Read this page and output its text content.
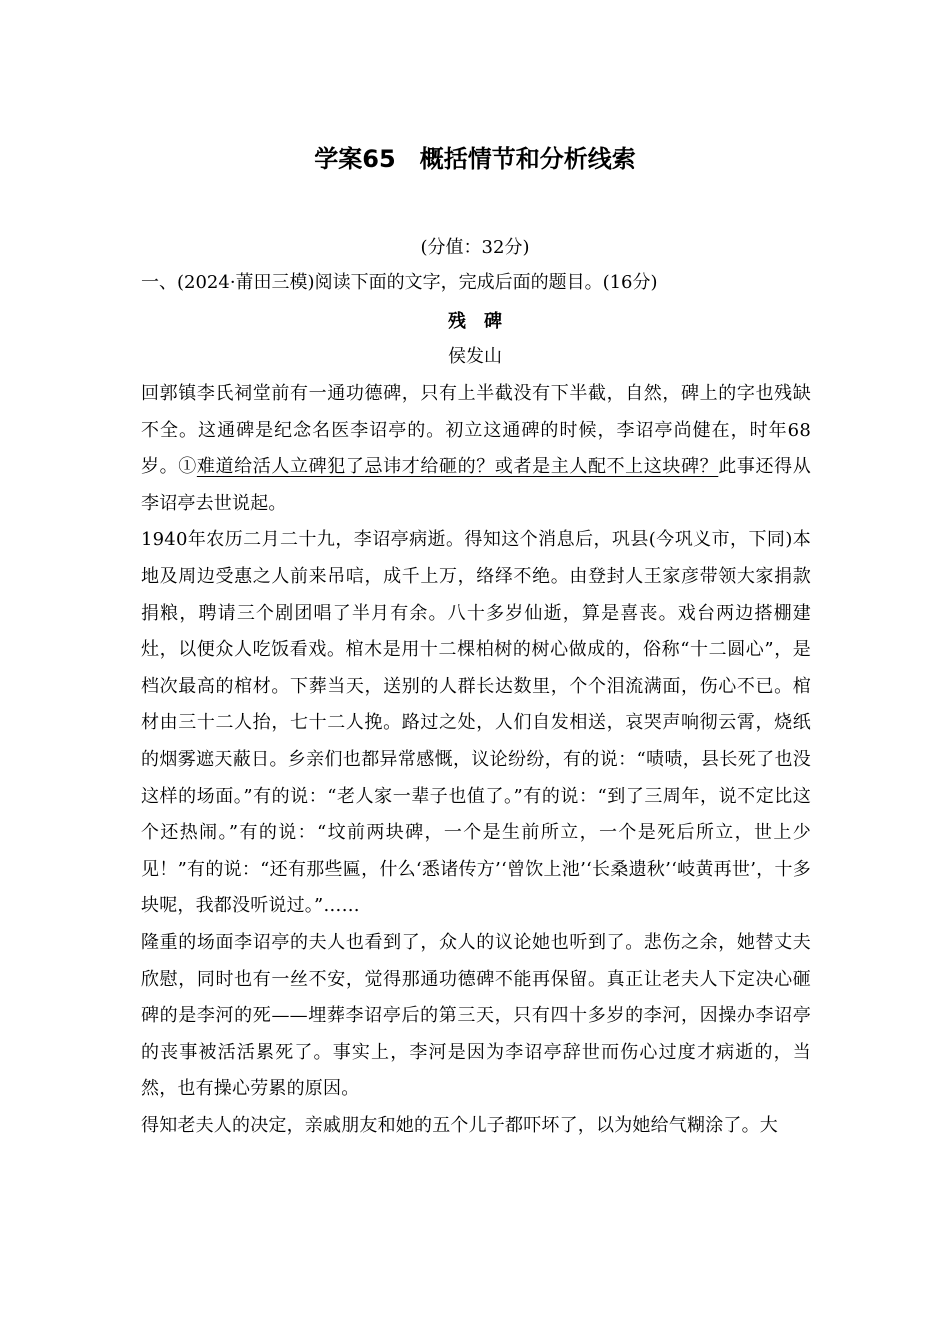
学案65　概括情节和分析线索
(分值：32分)
一、(2024·莆田三模)阅读下面的文字，完成后面的题目。(16分)
残　碑
侯发山

回郭镇李氏祠堂前有一通功德碑，只有上半截没有下半截，自然，碑上的字也残缺不全。这通碑是纪念名医李诏亭的。初立这通碑的时候，李诏亭尚健在，时年68岁。①难道给活人立碑犯了忌讳才给砸的？或者是主人配不上这块碑？此事还得从李诏亭去世说起。

1940年农历二月二十九，李诏亭病逝。得知这个消息后，巩县(今巩义市，下同)本地及周边受惠之人前来吊唁，成千上万，络绎不绝。由登封人王家彦带领大家捐款捐粮，聘请三个剧团唱了半月有余。八十多岁仙逝，算是喜丧。戏台两边搭棚建灶，以便众人吃饭看戏。棺木是用十二棵柏树的树心做成的，俗称“十二圆心”，是档次最高的棺材。下葬当天，送别的人群长达数里，个个泪流满面，伤心不已。棺材由三十二人抬，七十二人挽。路过之处，人们自发相送，哀哭声响彻云霄，烧纸的烟雾遮天蔽日。乡亲们也都异常感慨，议论纷纷，有的说：“啧啧，县长死了也没这样的场面。”有的说：“老人家一辈子也值了。”有的说：“到了三周年，说不定比这个还热闹。”有的说：“坟前两块碑，一个是生前所立，一个是死后所立，世上少见！”有的说：“还有那些匾，什么‘悉诸传方’‘曾饮上池’‘长桑遗秋’‘岐黄再世’，十多块呢，我都没听说过。”……

隆重的场面李诏亭的夫人也看到了，众人的议论她也听到了。悲伤之余，她替丈夫欣慰，同时也有一丝不安，觉得那通功德碑不能再保留。真正让老夫人下定决心砸碑的是李河的死——埋葬李诏亭后的第三天，只有四十多岁的李河，因操办李诏亭的丧事被活活累死了。事实上，李河是因为李诏亭辞世而伤心过度才病逝的，当然，也有操心劳累的原因。

得知老夫人的决定，亲戚朋友和她的五个儿子都吓坏了，以为她给气糊涂了。大
